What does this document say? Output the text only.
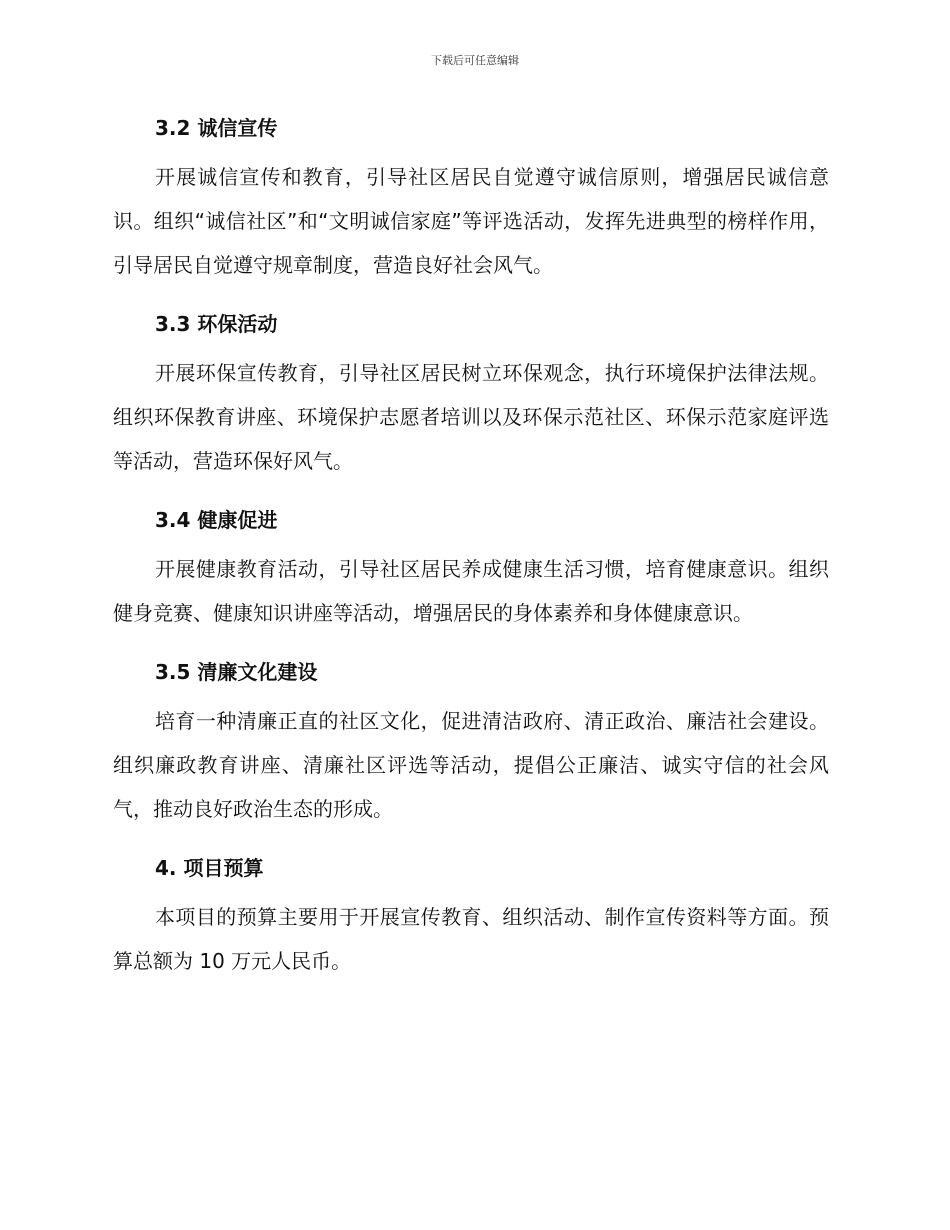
下载后可任意编辑
3.2 诚信宣传

开展诚信宣传和教育，引导社区居民自觉遵守诚信原则，增强居民诚信意识。组织“诚信社区”和“文明诚信家庭”等评选活动，发挥先进典型的榜样作用，引导居民自觉遵守规章制度，营造良好社会风气。

3.3 环保活动

开展环保宣传教育，引导社区居民树立环保观念，执行环境保护法律法规。组织环保教育讲座、环境保护志愿者培训以及环保示范社区、环保示范家庭评选等活动，营造环保好风气。

3.4 健康促进

开展健康教育活动，引导社区居民养成健康生活习惯，培育健康意识。组织健身竞赛、健康知识讲座等活动，增强居民的身体素养和身体健康意识。

3.5 清廉文化建设

培育一种清廉正直的社区文化，促进清洁政府、清正政治、廉洁社会建设。组织廉政教育讲座、清廉社区评选等活动，提倡公正廉洁、诚实守信的社会风气，推动良好政治生态的形成。

4. 项目预算

本项目的预算主要用于开展宣传教育、组织活动、制作宣传资料等方面。预算总额为 10 万元人民币。
